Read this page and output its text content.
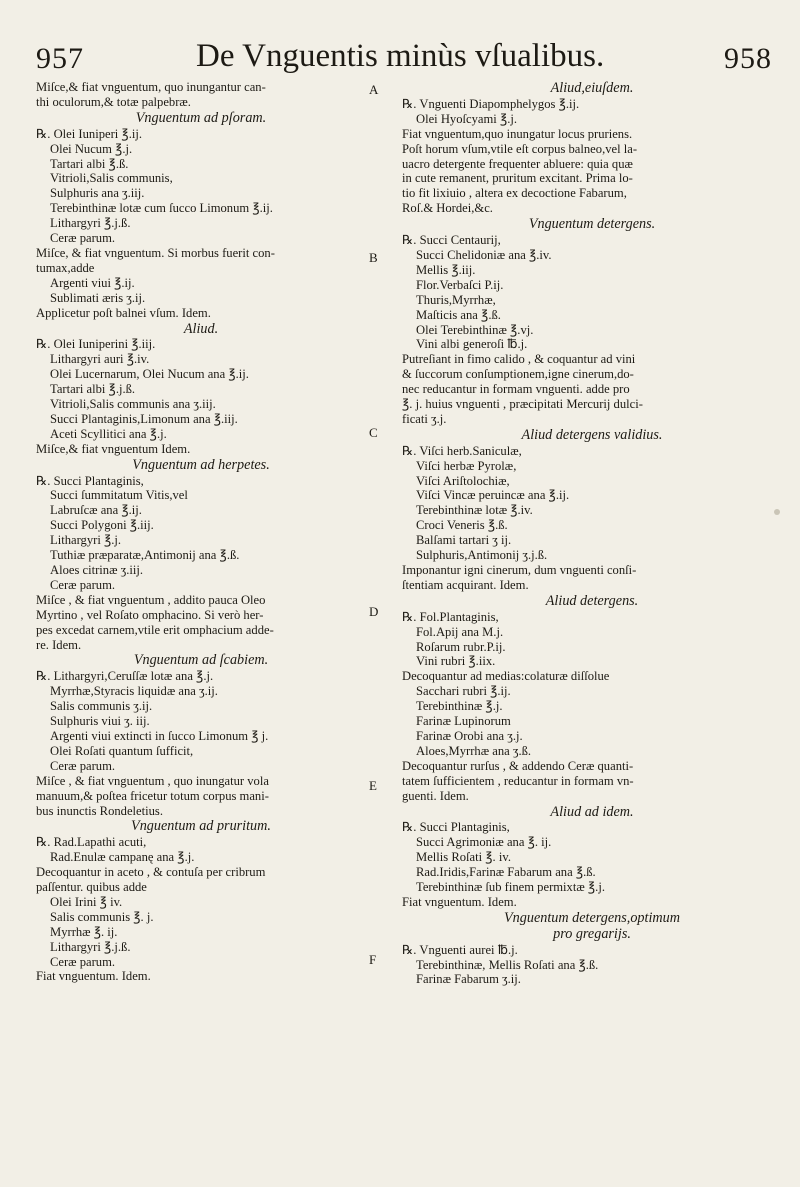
957	De Vnguentis minùs vſualibus.	958
Miſce,& fiat vnguentum, quo inungantur can-
thi oculorum,& totæ palpebræ.
Vnguentum ad pſoram.
℞. Olei Iuniperi ℥.ij.
Olei Nucum ℥.j.
Tartari albi ℥.ß.
Vitrioli,Salis communis,
Sulphuris ana ʒ.iij.
Terebinthinæ lotæ cum ſucco Limonum ℥.ij.
Lithargyri ℥.j.ß.
Ceræ parum.
Miſce, & fiat vnguentum. Si morbus fuerit con-
tumax,adde
Argenti viui ℥.ij.
Sublimati æris ʒ.ij.
Applicetur poſt balnei vſum. Idem.
Aliud.
℞. Olei Iuniperini ℥.iij.
Lithargyri auri ℥.iv.
Olei Lucernarum, Olei Nucum ana ℥.ij.
Tartari albi ℥.j.ß.
Vitrioli,Salis communis ana ʒ.iij.
Succi Plantaginis,Limonum ana ℥.iij.
Aceti Scyllitici ana ℥.j.
Miſce,& fiat vnguentum Idem.
Vnguentum ad herpetes.
℞. Succi Plantaginis,
Succi ſummitatum Vitis,vel
Labruſcæ ana ℥.ij.
Succi Polygoni ℥.iij.
Lithargyri ℥.j.
Tuthiæ præparatæ,Antimonij ana ℥.ß.
Aloes citrinæ ʒ.iij.
Ceræ parum.
Miſce , & fiat vnguentum , addito pauca Oleo
Myrtino , vel Roſato omphacino. Si verò her-
pes excedat carnem,vtile erit omphacium adde-
re. Idem.
Vnguentum ad ſcabiem.
℞. Lithargyri,Ceruſſæ lotæ ana ℥.j.
Myrrhæ,Styracis liquidæ ana ʒ.ij.
Salis communis ʒ.ij.
Sulphuris viui ʒ. iij.
Argenti viui extincti in ſucco Limonum ℥ j.
Olei Roſati quantum ſufficit,
Ceræ parum.
Miſce , & fiat vnguentum , quo inungatur vola
manuum,& poſtea fricetur totum corpus mani-
bus inunctis Rondeletius.
Vnguentum ad pruritum.
℞. Rad.Lapathi acuti,
Rad.Enulæ campanę ana ℥.j.
Decoquantur in aceto , & contuſa per cribrum
paſſentur. quibus adde
Olei Irini ℥ iv.
Salis communis ℥. j.
Myrrhæ ℥. ij.
Lithargyri ℥.j.ß.
Ceræ parum.
Fiat vnguentum. Idem.
Aliud,eiuſdem.
℞. Vnguenti Diapomphelygos ℥.ij.
Olei Hyoſcyami ℥.j.
Fiat vnguentum,quo inungatur locus pruriens.
Poſt horum vſum,vtile eſt corpus balneo,vel la-
uacro detergente frequenter abluere: quia quæ
in cute remanent, pruritum excitant. Prima lo-
tio fit lixiuio , altera ex decoctione Fabarum,
Roſ.& Hordei,&c.
Vnguentum detergens.
℞. Succi Centaurij,
Succi Chelidoniæ ana ℥.iv.
Mellis ℥.iij.
Flor.Verbaſci P.ij.
Thuris,Myrrhæ,
Maſticis ana ℥.ß.
Olei Terebinthinæ ℥.vj.
Vini albi generoſi ℔.j.
Putreſiant in fimo calido , & coquantur ad vini
& ſuccorum conſumptionem,igne cinerum,do-
nec reducantur in formam vnguenti. adde pro
℥. j. huius vnguenti , præcipitati Mercurij dulci-
ficati ʒ.j.
Aliud detergens validius.
℞. Viſci herb.Saniculæ,
Viſci herbæ Pyrolæ,
Viſci Ariſtolochiæ,
Viſci Vincæ peruincæ ana ℥.ij.
Terebinthinæ lotæ ℥.iv.
Croci Veneris ℥.ß.
Balſami tartari ʒ ij.
Sulphuris,Antimonij ʒ.j.ß.
Imponantur igni cinerum, dum vnguenti conſi-
ſtentiam acquirant. Idem.
Aliud detergens.
℞. Fol.Plantaginis,
Fol.Apij ana M.j.
Roſarum rubr.P.ij.
Vini rubri ℥.iix.
Decoquantur ad medias:colaturæ diſſolue
Sacchari rubri ℥.ij.
Terebinthinæ ℥.j.
Farinæ Lupinorum
Farinæ Orobi ana ʒ.j.
Aloes,Myrrhæ ana ʒ.ß.
Decoquantur rurſus , & addendo Ceræ quanti-
tatem ſufficientem , reducantur in formam vn-
guenti. Idem.
Aliud ad idem.
℞. Succi Plantaginis,
Succi Agrimoniæ ana ℥. ij.
Mellis Roſati ℥. iv.
Rad.Iridis,Farinæ Fabarum ana ℥.ß.
Terebinthinæ ſub finem permixtæ ℥.j.
Fiat vnguentum. Idem.
Vnguentum detergens,optimum
pro gregarijs.
℞. Vnguenti aurei ℔.j.
Terebinthinæ, Mellis Roſati ana ℥.ß.
Farinæ Fabarum ʒ.ij.
A
B
C
D
E
F
